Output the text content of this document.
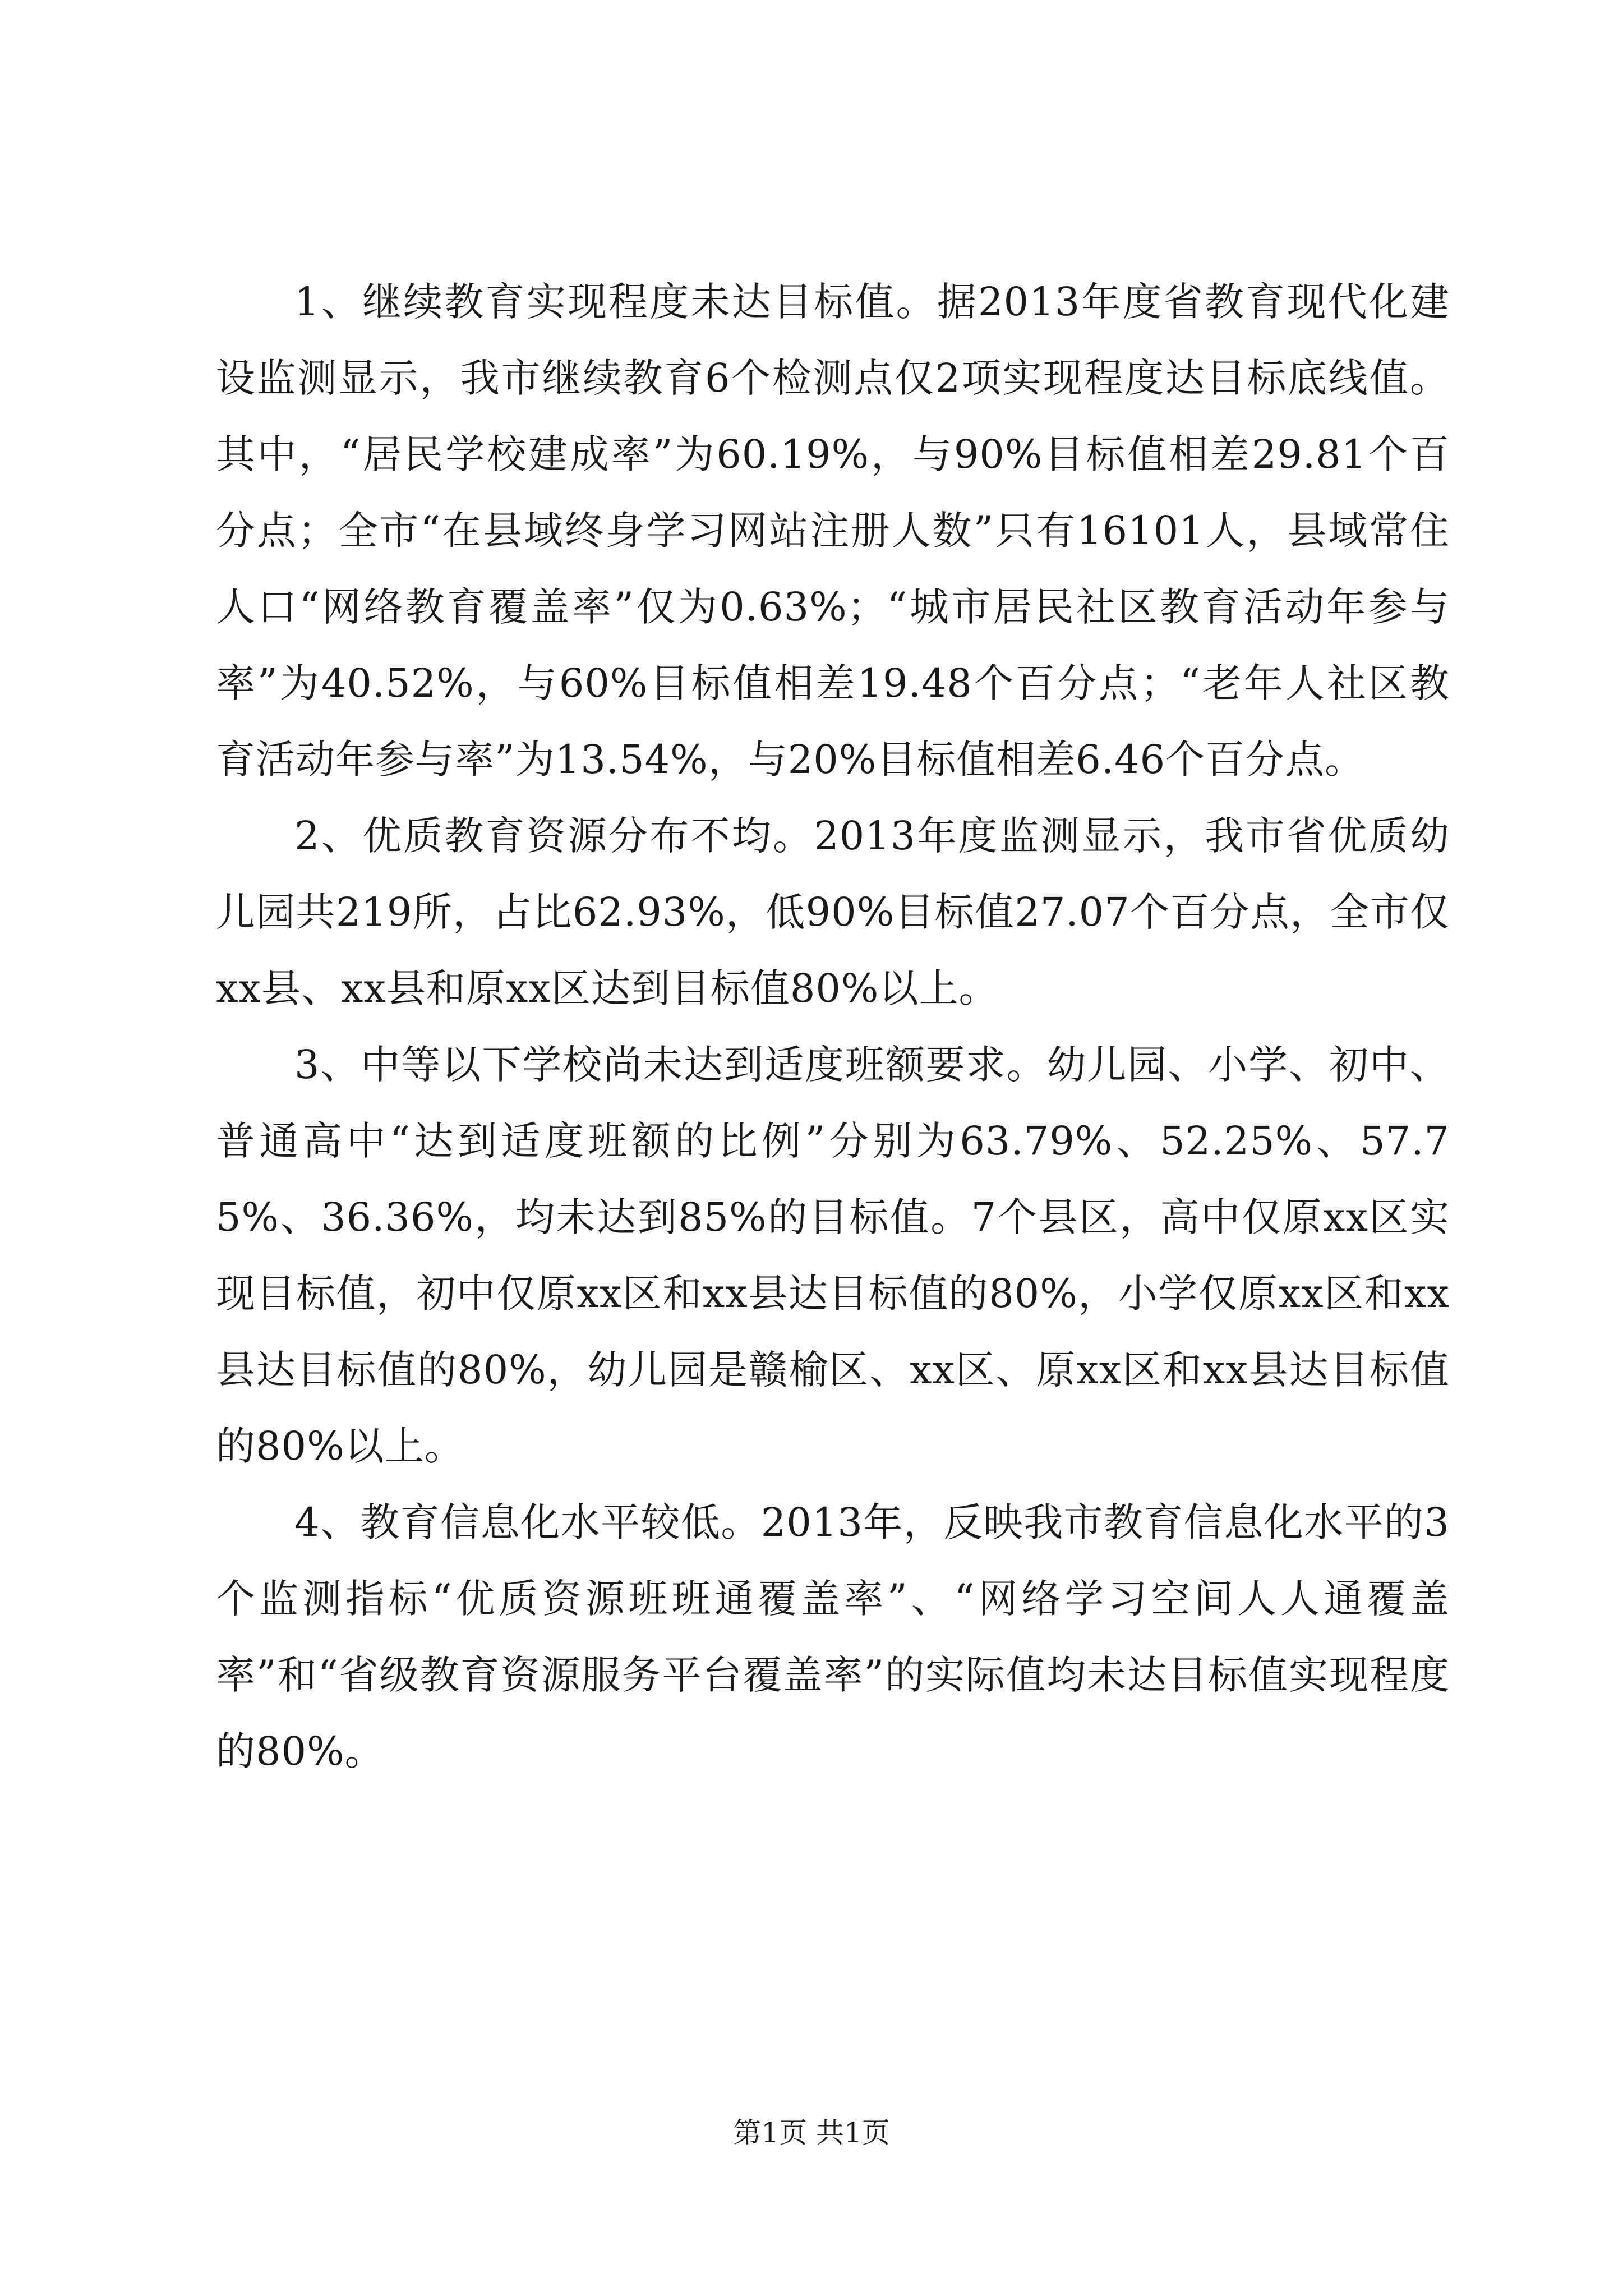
1、继续教育实现程度未达目标值。据2013年度省教育现代化建设监测显示，我市继续教育6个检测点仅2项实现程度达目标底线值。其中，“居民学校建成率”为60.19%，与90%目标值相差29.81个百分点；全市“在县域终身学习网站注册人数”只有16101人，县域常住人口“网络教育覆盖率”仅为0.63%；“城市居民社区教育活动年参与率”为40.52%，与60%目标值相差19.48个百分点；“老年人社区教育活动年参与率”为13.54%，与20%目标值相差6.46个百分点。

2、优质教育资源分布不均。2013年度监测显示，我市省优质幼儿园共219所，占比62.93%，低90%目标值27.07个百分点，全市仅xx县、xx县和原xx区达到目标值80%以上。

3、中等以下学校尚未达到适度班额要求。幼儿园、小学、初中、普通高中“达到适度班额的比例”分别为63.79%、52.25%、57.75%、36.36%，均未达到85%的目标值。7个县区，高中仅原xx区实现目标值，初中仅原xx区和xx县达目标值的80%，小学仅原xx区和xx县达目标值的80%，幼儿园是赣榆区、xx区、原xx区和xx县达目标值的80%以上。

4、教育信息化水平较低。2013年，反映我市教育信息化水平的3个监测指标“优质资源班班通覆盖率”、“网络学习空间人人通覆盖率”和“省级教育资源服务平台覆盖率”的实际值均未达目标值实现程度的80%。

第1页 共1页
